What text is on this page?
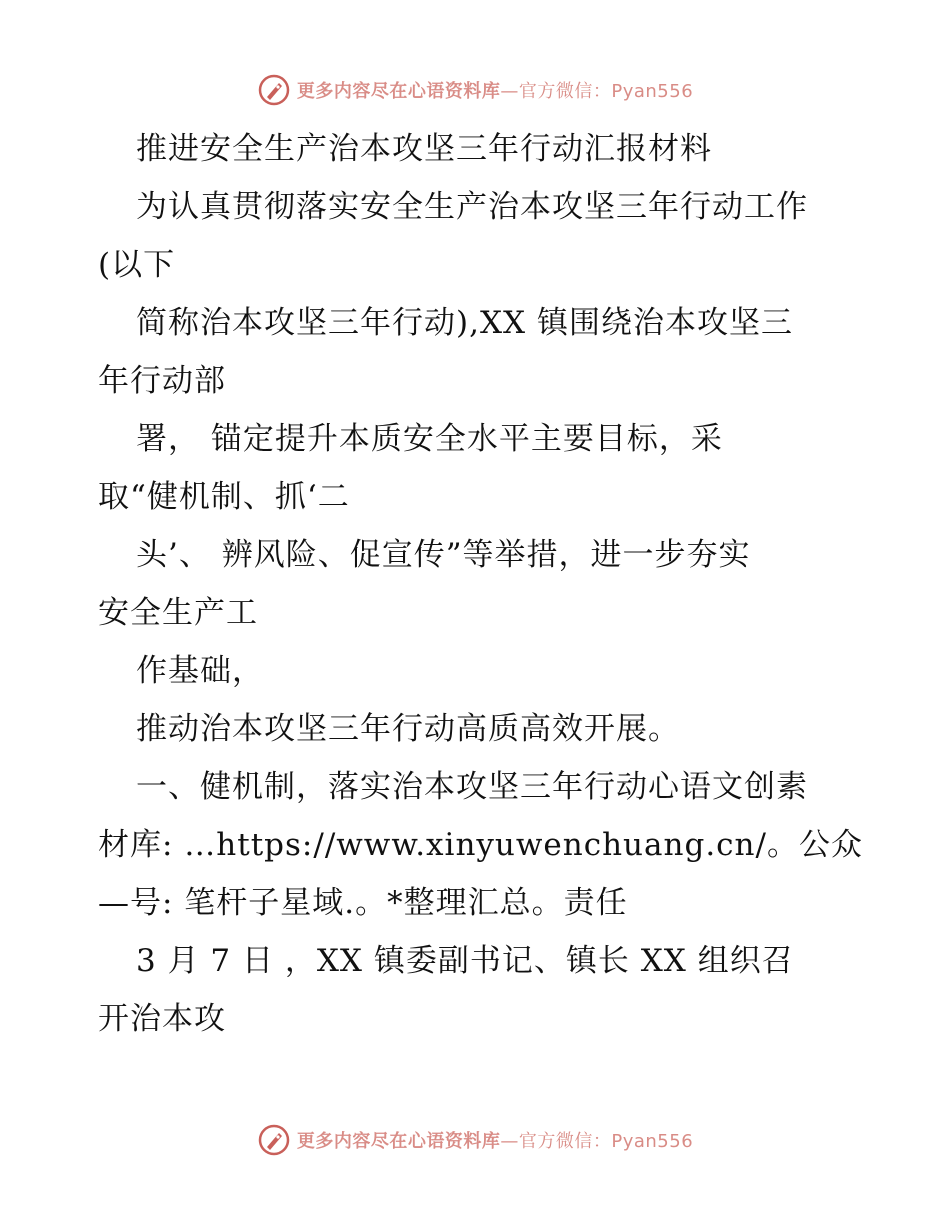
更多内容尽在心语资料库—官方微信：Pyan556
推进安全生产治本攻坚三年行动汇报材料
为认真贯彻落实安全生产治本攻坚三年行动工作
(以下
简称治本攻坚三年行动),XX 镇围绕治本攻坚三
年行动部
署， 锚定提升本质安全水平主要目标，采
取“健机制、抓‘二
头’、 辨风险、促宣传”等举措，进一步夯实
安全生产工
作基础，
推动治本攻坚三年行动高质高效开展。
一、健机制，落实治本攻坚三年行动心语文创素
材库: …https://www.xinyuwenchuang.cn/。公众
—号: 笔杆子星域.。*整理汇总。责任
3 月 7 日 ，XX 镇委副书记、镇长 XX 组织召
开治本攻
更多内容尽在心语资料库—官方微信：Pyan556
